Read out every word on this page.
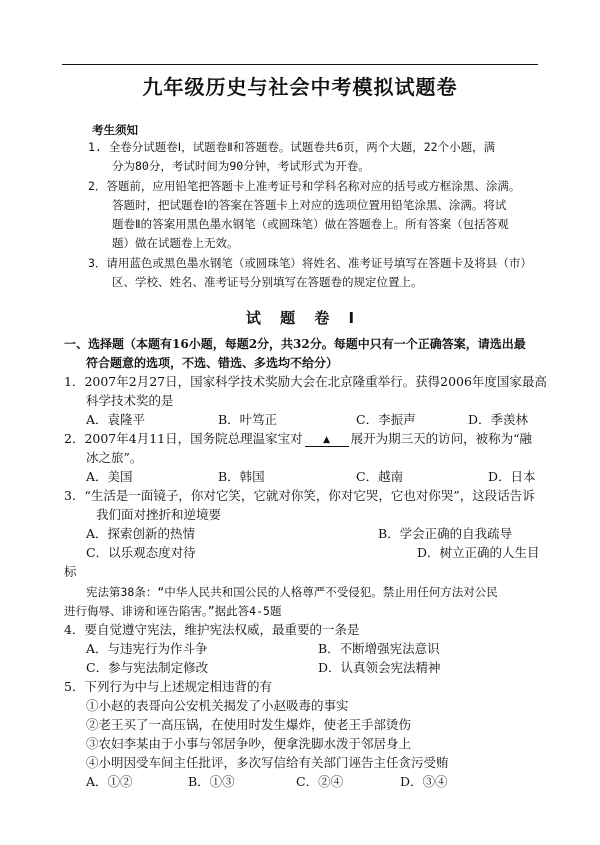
九年级历史与社会中考模拟试题卷
考生须知
1. 全卷分试题卷Ⅰ，试题卷Ⅱ和答题卷。试题卷共6页，两个大题，22个小题，满
分为80分，考试时间为90分钟，考试形式为开卷。
2．答题前，应用铅笔把答题卡上准考证号和学科名称对应的括号或方框涂黑、涂满。
答题时，把试题卷Ⅰ的答案在答题卡上对应的选项位置用铅笔涂黑、涂满。将试
题卷Ⅱ的答案用黑色墨水钢笔（或圆珠笔）做在答题卷上。所有答案（包括答观
题）做在试题卷上无效。
3．请用蓝色或黑色墨水钢笔（或圆珠笔）将姓名、准考证号填写在答题卡及将县（市）
区、学校、姓名、准考证号分别填写在答题卷的规定位置上。
试 题 卷 Ⅰ
一、选择题（本题有16小题，每题2分，共32分。每题中只有一个正确答案，请选出最
符合题意的选项，不选、错选、多选均不给分）
1．2007年2月27日，国家科学技术奖励大会在北京隆重举行。获得2006年度国家最高
科学技术奖的是
A．袁隆平	B．叶笃正	C．李振声	D．季羡林
2．2007年4月11日，国务院总理温家宝对 ▲ 展开为期三天的访问，被称为“融
冰之旅”。
A．美国	B．韩国	C．越南	D．日本
3．“生活是一面镜子，你对它笑，它就对你笑，你对它哭，它也对你哭”，这段话告诉
我们面对挫折和逆境要
A．探索创新的热情	B．学会正确的自我疏导
C．以乐观态度对待	D．树立正确的人生目
标
宪法第38条：“中华人民共和国公民的人格尊严不受侵犯。禁止用任何方法对公民
进行侮辱、诽谤和诬告陷害。”据此答4-5题
4．要自觉遵守宪法，维护宪法权威，最重要的一条是
A．与违宪行为作斗争	B．不断增强宪法意识
C．参与宪法制定修改	D．认真领会宪法精神
5．下列行为中与上述规定相违背的有
①小赵的表哥向公安机关揭发了小赵吸毒的事实
②老王买了一高压锅，在使用时发生爆炸，使老王手部烫伤
③农妇李某由于小事与邻居争吵，便拿洗脚水泼于邻居身上
④小明因受车间主任批评，多次写信给有关部门诬告主任贪污受贿
A．①②	B．①③	C．②④	D．③④
